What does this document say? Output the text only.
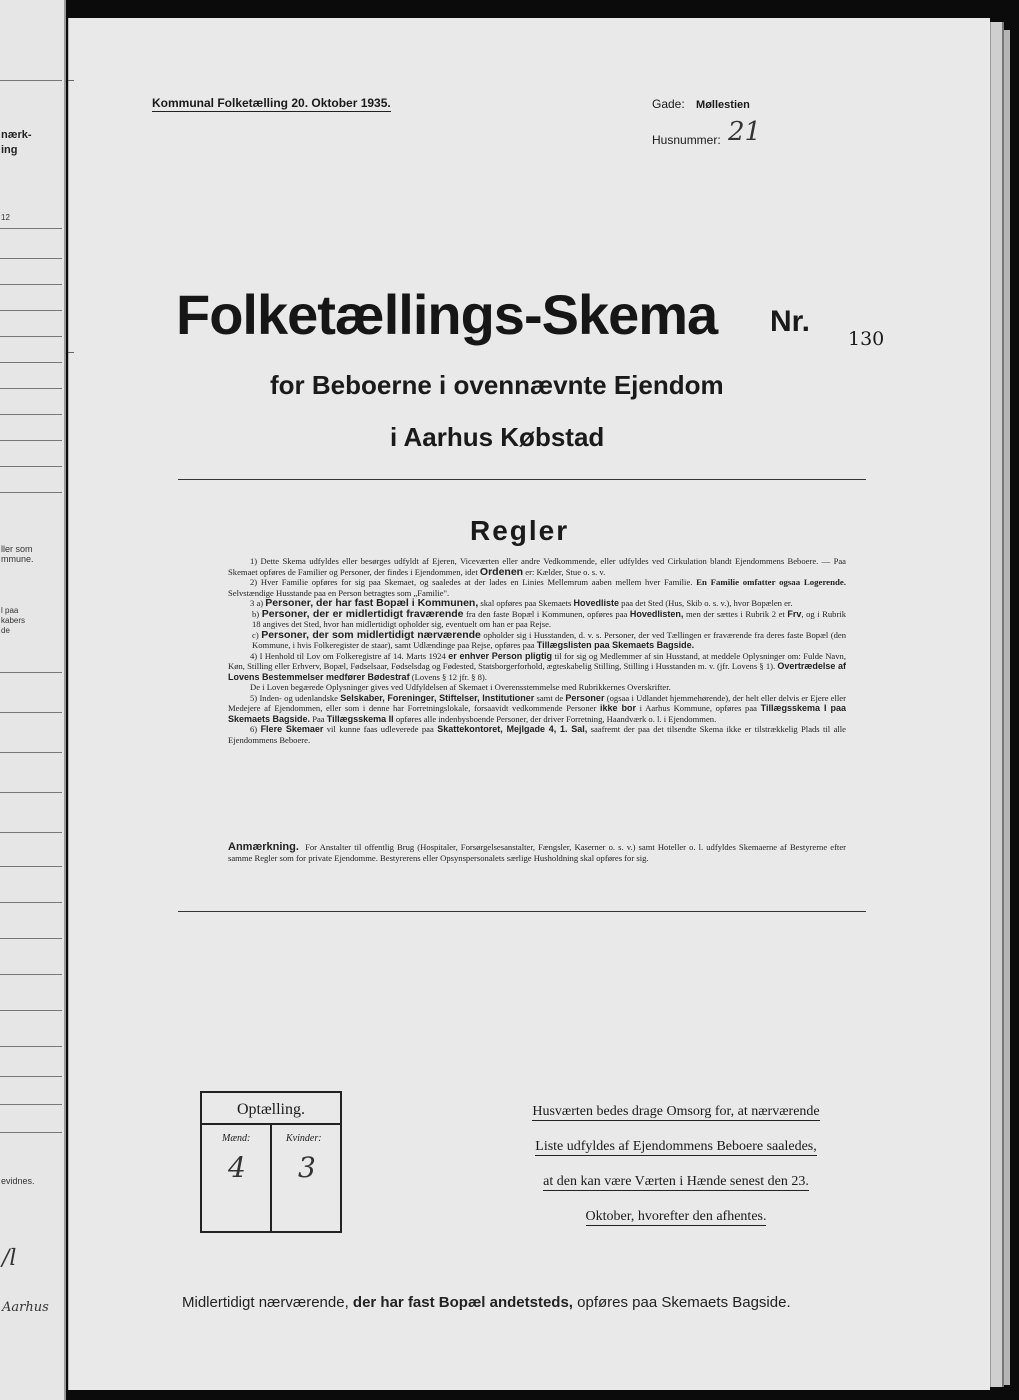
nærk-
ing
12
ller som
mmune.
l paa
kabers
de
evidnes.
/l
Aarhus
Kommunal Folketælling 20. Oktober 1935.	Gade: Møllestien
Husnummer: 21
Folketællings-Skema Nr.
130
for Beboerne i ovennævnte Ejendom
i Aarhus Købstad
Regler

1) Dette Skema udfyldes eller besørges udfyldt af Ejeren, Viceværten eller andre Vedkommende, eller udfyldes ved Cirkulation blandt Ejendommens Beboere. — Paa Skemaet opføres de Familier og Personer, der findes i Ejendommen, idet Ordenen er: Kælder, Stue o. s. v.

2) Hver Familie opføres for sig paa Skemaet, og saaledes at der lades en Linies Mellemrum aaben mellem hver Familie. En Familie omfatter ogsaa Logerende. Selvstændige Husstande paa en Person betragtes som „Familie".

3 a) Personer, der har fast Bopæl i Kommunen, skal opføres paa Skemaets Hovedliste paa det Sted (Hus, Skib o. s. v.), hvor Bopælen er.

b) Personer, der er midlertidigt fraværende fra den faste Bopæl i Kommunen, opføres paa Hovedlisten, men der sættes i Rubrik 2 et Frv, og i Rubrik 18 angives det Sted, hvor han midlertidigt opholder sig, eventuelt om han er paa Rejse.

c) Personer, der som midlertidigt nærværende opholder sig i Husstanden, d. v. s. Personer, der ved Tællingen er fraværende fra deres faste Bopæl (den Kommune, i hvis Folkeregister de staar), samt Udlændinge paa Rejse, opføres paa Tillægslisten paa Skemaets Bagside.

4) I Henhold til Lov om Folkeregistre af 14. Marts 1924 er enhver Person pligtig til for sig og Medlemmer af sin Husstand, at meddele Oplysninger om: Fulde Navn, Køn, Stilling eller Erhverv, Bopæl, Fødselsaar, Fødselsdag og Fødested, Statsborgerforhold, ægteskabelig Stilling, Stilling i Husstanden m. v. (jfr. Lovens § 1). Overtrædelse af Lovens Bestemmelser medfører Bødestraf (Lovens § 12 jfr. § 8).

De i Loven begærede Oplysninger gives ved Udfyldelsen af Skemaet i Overensstemmelse med Rubrikkernes Overskrifter.

5) Inden- og udenlandske Selskaber, Foreninger, Stiftelser, Institutioner samt de Personer (ogsaa i Udlandet hjemmehørende), der helt eller delvis er Ejere eller Medejere af Ejendommen, eller som i denne har Forretningslokale, forsaavidt vedkommende Personer ikke bor i Aarhus Kommune, opføres paa Tillægsskema I paa Skemaets Bagside. Paa Tillægsskema II opføres alle indenbysboende Personer, der driver Forretning, Haandværk o. l. i Ejendommen.

6) Flere Skemaer vil kunne faas udleverede paa Skattekontoret, Mejlgade 4, 1. Sal, saafremt der paa det tilsendte Skema ikke er tilstrækkelig Plads til alle Ejendommens Beboere.

Anmærkning. For Anstalter til offentlig Brug (Hospitaler, Forsørgelsesanstalter, Fængsler, Kaserner o. s. v.) samt Hoteller o. l. udfyldes Skemaerne af Bestyrerne efter samme Regler som for private Ejendomme. Bestyrerens eller Opsynspersonalets særlige Husholdning skal opføres for sig.
Optælling.
Mænd:	Kvinder:
4 3
Husværten bedes drage Omsorg for, at nærværende
Liste udfyldes af Ejendommens Beboere saaledes,
at den kan være Værten i Hænde senest den 23.
Oktober, hvorefter den afhentes.
Midlertidigt nærværende, der har fast Bopæl andetsteds, opføres paa Skemaets Bagside.
